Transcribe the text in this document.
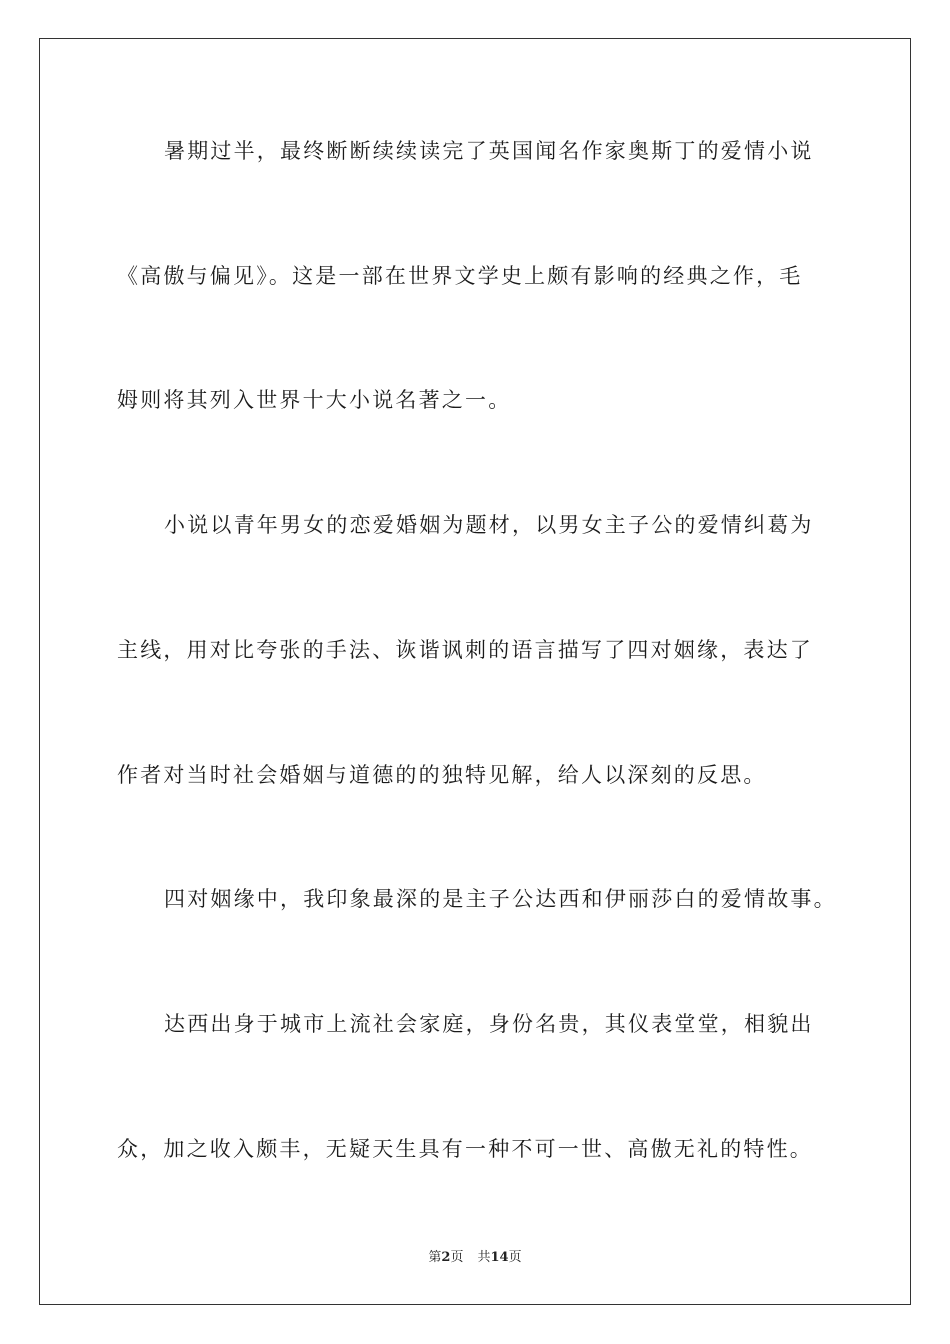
暑期过半，最终断断续续读完了英国闻名作家奥斯丁的爱情小说
《高傲与偏见》。这是一部在世界文学史上颇有影响的经典之作，毛
姆则将其列入世界十大小说名著之一。
小说以青年男女的恋爱婚姻为题材，以男女主子公的爱情纠葛为
主线，用对比夸张的手法、诙谐讽刺的语言描写了四对姻缘，表达了
作者对当时社会婚姻与道德的的独特见解，给人以深刻的反思。
四对姻缘中，我印象最深的是主子公达西和伊丽莎白的爱情故事。
达西出身于城市上流社会家庭，身份名贵，其仪表堂堂，相貌出
众，加之收入颇丰，无疑天生具有一种不可一世、高傲无礼的特性。
第2页 共14页
